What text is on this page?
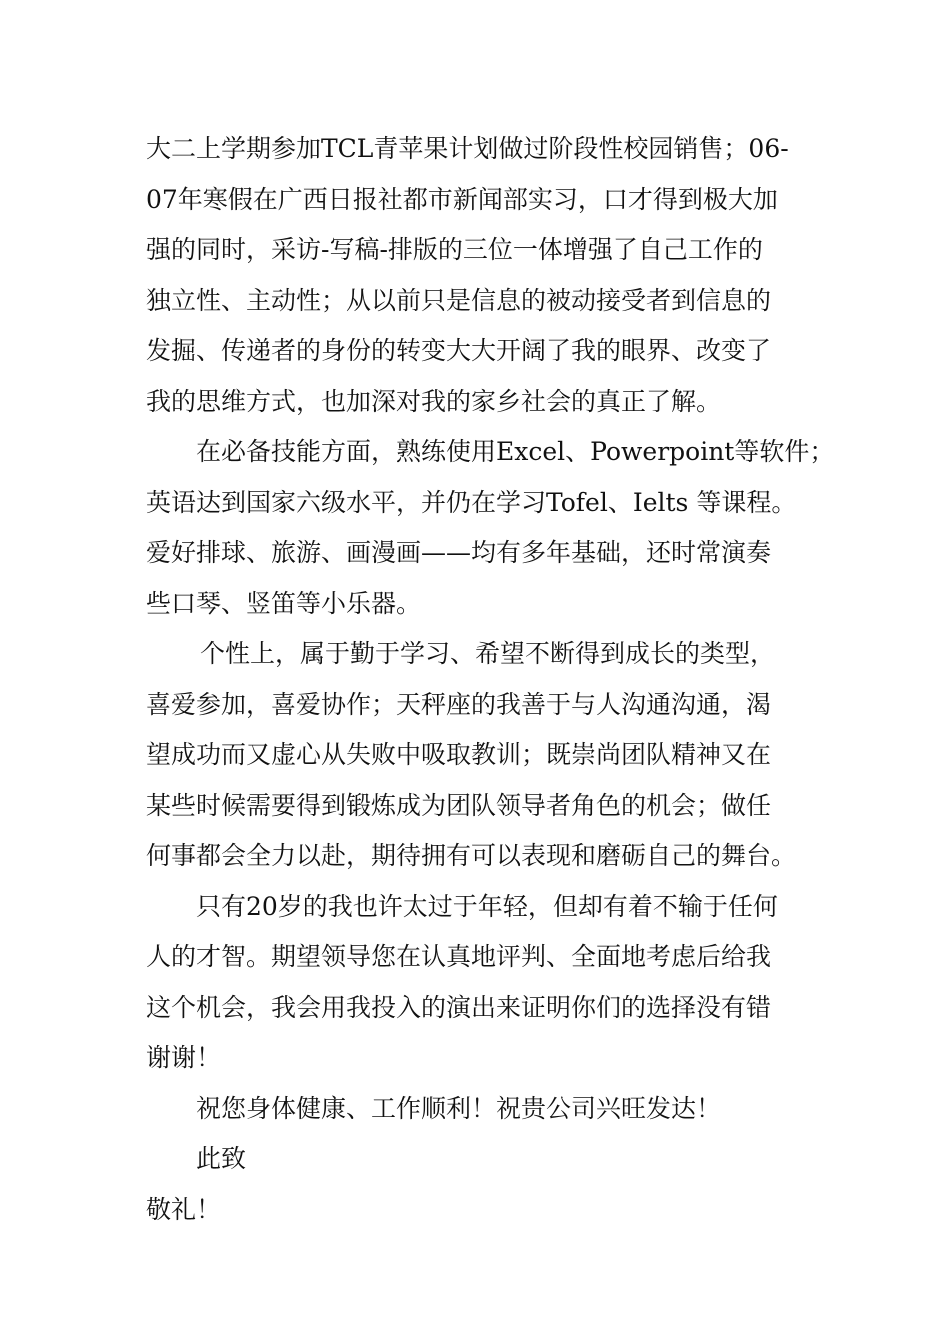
大二上学期参加TCL青苹果计划做过阶段性校园销售；06-
07年寒假在广西日报社都市新闻部实习，口才得到极大加
强的同时，采访-写稿-排版的三位一体增强了自己工作的
独立性、主动性；从以前只是信息的被动接受者到信息的
发掘、传递者的身份的转变大大开阔了我的眼界、改变了
我的思维方式，也加深对我的家乡社会的真正了解。
在必备技能方面，熟练使用Excel、Powerpoint等软件；
英语达到国家六级水平，并仍在学习Tofel、Ielts 等课程。
爱好排球、旅游、画漫画——均有多年基础，还时常演奏
些口琴、竖笛等小乐器。
个性上，属于勤于学习、希望不断得到成长的类型，
喜爱参加，喜爱协作；天秤座的我善于与人沟通沟通，渴
望成功而又虚心从失败中吸取教训；既崇尚团队精神又在
某些时候需要得到锻炼成为团队领导者角色的机会；做任
何事都会全力以赴，期待拥有可以表现和磨砺自己的舞台。
只有20岁的我也许太过于年轻，但却有着不输于任何
人的才智。期望领导您在认真地评判、全面地考虑后给我
这个机会，我会用我投入的演出来证明你们的选择没有错
谢谢！
祝您身体健康、工作顺利！祝贵公司兴旺发达！
此致
敬礼！
